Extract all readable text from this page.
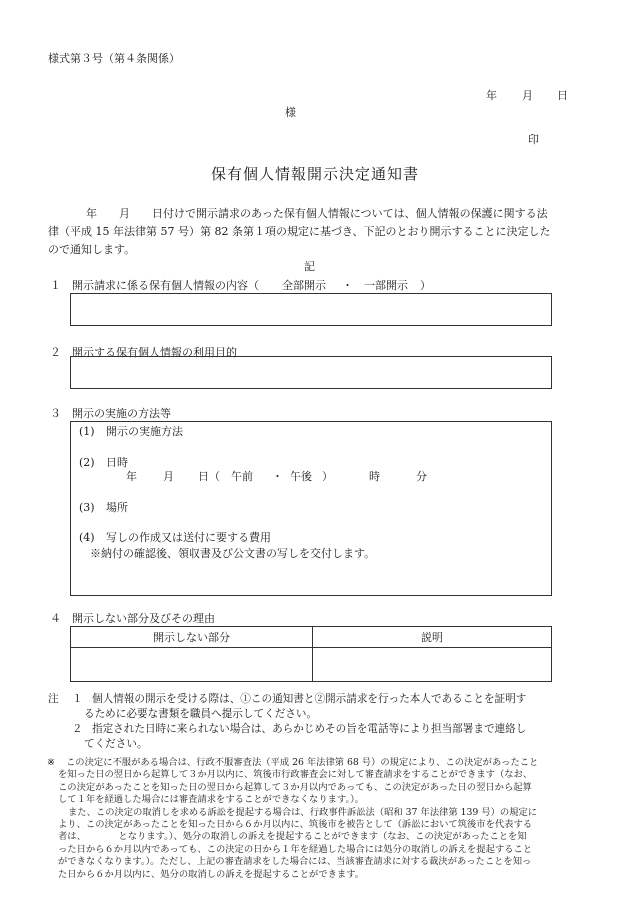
様式第３号（第４条関係）
年 月 日
様
印
保有個人情報開示決定通知書
年 月 日付けで開示請求のあった保有個人情報については、個人情報の保護に関する法
律（平成 15 年法律第 57 号）第 82 条第１項の規定に基づき、下記のとおり開示することに決定した
ので通知します。
記
１ 開示請求に係る保有個人情報の内容（ 全部開示 ・ 一部開示 ）
２ 開示する保有個人情報の利用目的
３ 開示の実施の方法等
(1) 開示の実施方法
(2) 日時
年 月 日（ 午前 ・ 午後 ）	時	分
(3) 場所
(4) 写しの作成又は送付に要する費用
※納付の確認後、領収書及び公文書の写しを交付します。
４ 開示しない部分及びその理由
開示しない部分	説明

注 １ 個人情報の開示を受ける際は、①この通知書と②開示請求を行った本人であることを証明す
るために必要な書類を職員へ提示してください。
２ 指定された日時に来られない場合は、あらかじめその旨を電話等により担当部署まで連絡し
てください。
※ この決定に不服がある場合は、行政不服審査法（平成 26 年法律第 68 号）の規定により、この決定があったこと
を知った日の翌日から起算して３か月以内に、筑後市行政審査会に対して審査請求をすることができます（なお、
この決定があったことを知った日の翌日から起算して３か月以内であっても、この決定があった日の翌日から起算
して１年を経過した場合には審査請求をすることができなくなります。）。
また、この決定の取消しを求める訴訟を提起する場合は、行政事件訴訟法（昭和 37 年法律第 139 号）の規定に
より、この決定があったことを知った日から６か月以内に、筑後市を被告として（訴訟において筑後市を代表する
者は、　　　　となります。）、処分の取消しの訴えを提起することができます（なお、この決定があったことを知
った日から６か月以内であっても、この決定の日から１年を経過した場合には処分の取消しの訴えを提起すること
ができなくなります。）。ただし、上記の審査請求をした場合には、当該審査請求に対する裁決があったことを知っ
た日から６か月以内に、処分の取消しの訴えを提起することができます。
